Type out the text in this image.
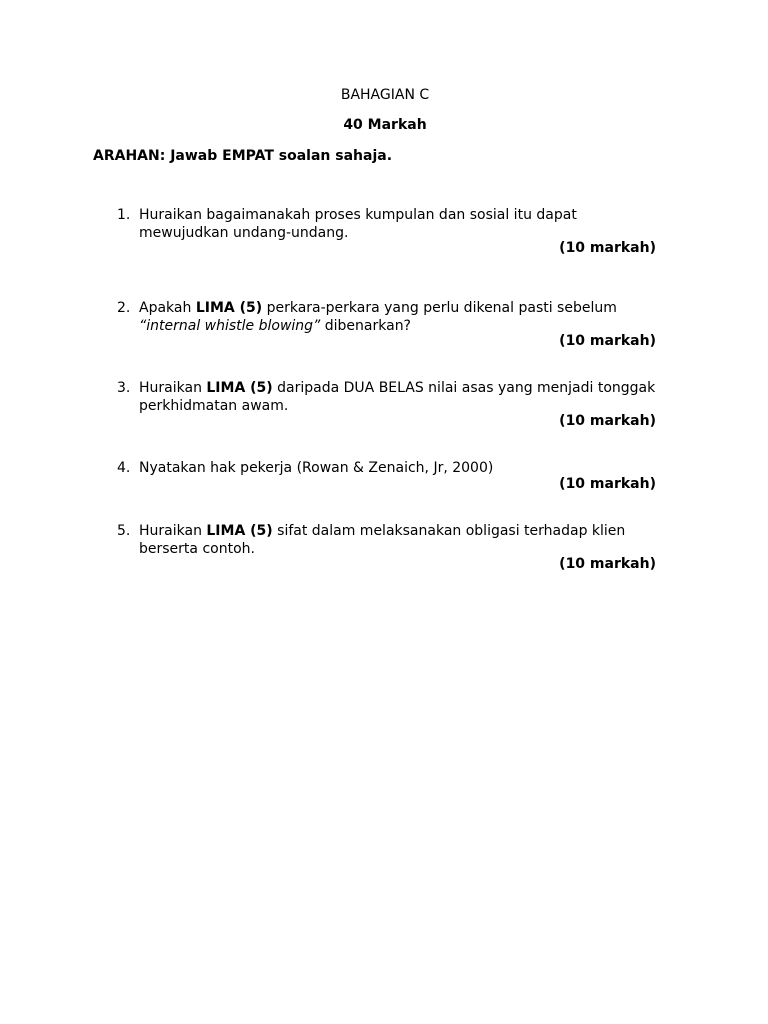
BAHAGIAN C
40 Markah
ARAHAN: Jawab EMPAT soalan sahaja.
1. Huraikan bagaimanakah proses kumpulan dan sosial itu dapat
mewujudkan undang-undang.
(10 markah)
2. Apakah LIMA (5) perkara-perkara yang perlu dikenal pasti sebelum
“internal whistle blowing” dibenarkan?
(10 markah)
3. Huraikan LIMA (5) daripada DUA BELAS nilai asas yang menjadi tonggak
perkhidmatan awam.
(10 markah)
4. Nyatakan hak pekerja (Rowan & Zenaich, Jr, 2000)
(10 markah)
5. Huraikan LIMA (5) sifat dalam melaksanakan obligasi terhadap klien
berserta contoh.
(10 markah)
